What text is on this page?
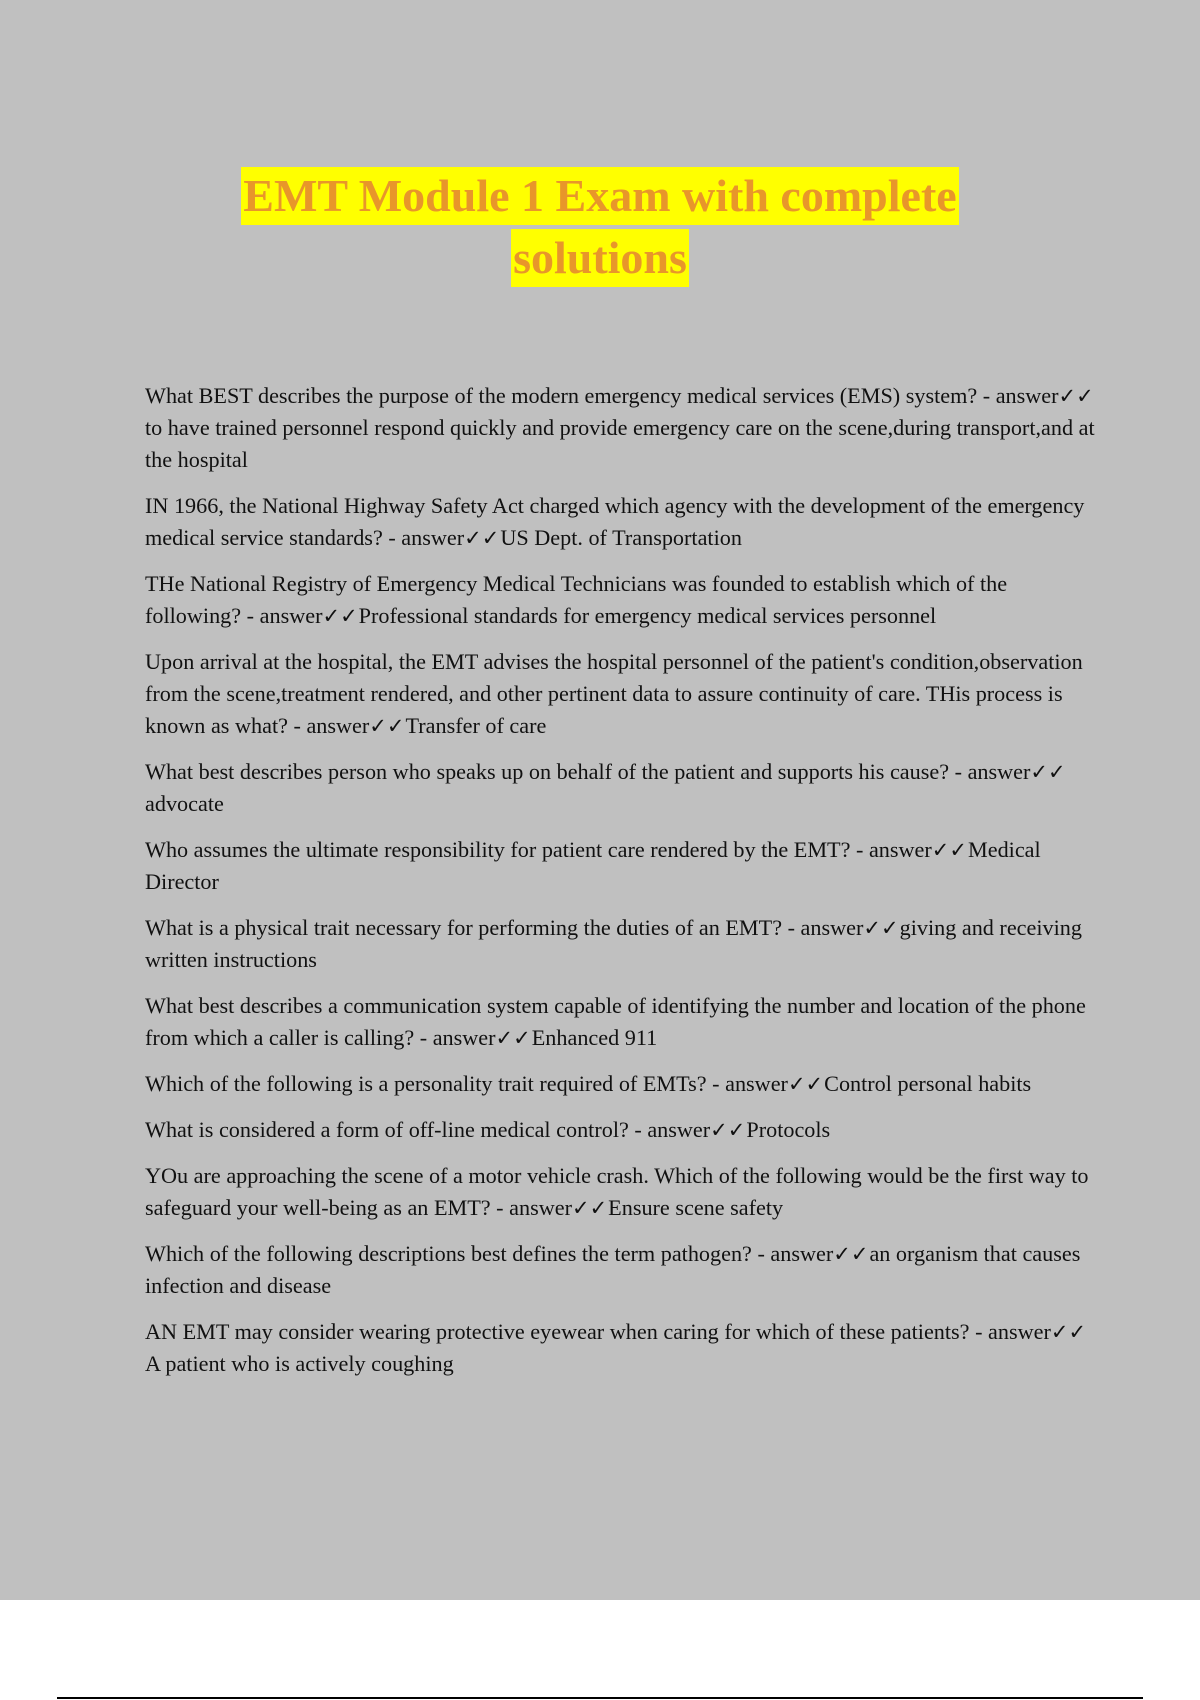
EMT Module 1 Exam with complete
solutions

What BEST describes the purpose of the modern emergency medical services (EMS) system? - answer✓✓to have trained personnel respond quickly and provide emergency care on the scene,during transport,and at the hospital

IN 1966, the National Highway Safety Act charged which agency with the development of the emergency medical service standards? - answer✓✓US Dept. of Transportation

THe National Registry of Emergency Medical Technicians was founded to establish which of the following? - answer✓✓Professional standards for emergency medical services personnel

Upon arrival at the hospital, the EMT advises the hospital personnel of the patient's condition,observation from the scene,treatment rendered, and other pertinent data to assure continuity of care. THis process is known as what? - answer✓✓Transfer of care

What best describes person who speaks up on behalf of the patient and supports his cause? - answer✓✓advocate

Who assumes the ultimate responsibility for patient care rendered by the EMT? - answer✓✓Medical Director

What is a physical trait necessary for performing the duties of an EMT? - answer✓✓giving and receiving written instructions

What best describes a communication system capable of identifying the number and location of the phone from which a caller is calling? - answer✓✓Enhanced 911

Which of the following is a personality trait required of EMTs? - answer✓✓Control personal habits

What is considered a form of off-line medical control? - answer✓✓Protocols

YOu are approaching the scene of a motor vehicle crash. Which of the following would be the first way to safeguard your well-being as an EMT? - answer✓✓Ensure scene safety

Which of the following descriptions best defines the term pathogen? - answer✓✓an organism that causes infection and disease

AN EMT may consider wearing protective eyewear when caring for which of these patients? - answer✓✓A patient who is actively coughing
